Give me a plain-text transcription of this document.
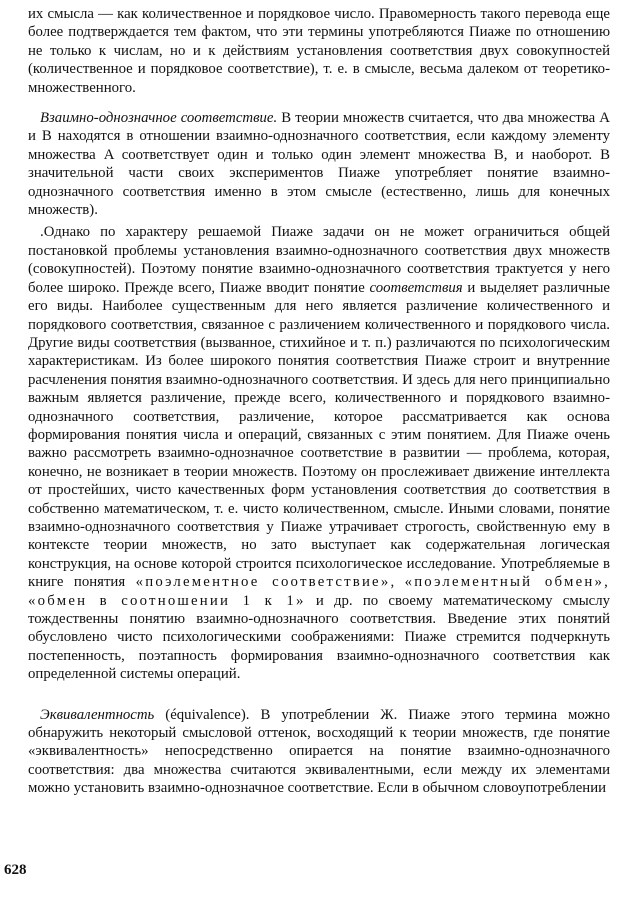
их смысла — как количественное и порядковое число. Правомерность такого перевода еще более подтверждается тем фактом, что эти термины употребляются Пиаже по отношению не только к числам, но и к действиям установления соответствия двух совокупностей (количественное и порядковое соответствие), т. е. в смысле, весьма далеком от теоретико-множественного.

Взаимно-однозначное соответствие. В теории множеств считается, что два множества A и B находятся в отношении взаимно-однозначного соответствия, если каждому элементу множества A соответствует один и только один элемент множества B, и наоборот. В значительной части своих экспериментов Пиаже употребляет понятие взаимно-однозначного соответствия именно в этом смысле (естественно, лишь для конечных множеств).

.Однако по характеру решаемой Пиаже задачи он не может ограничиться общей постановкой проблемы установления взаимно-однозначного соответствия двух множеств (совокупностей). Поэтому понятие взаимно-однозначного соответствия трактуется у него более широко. Прежде всего, Пиаже вводит понятие соответствия и выделяет различные его виды. Наиболее существенным для него является различение количественного и порядкового соответствия, связанное с различением количественного и порядкового числа. Другие виды соответствия (вызванное, стихийное и т. п.) различаются по психологическим характеристикам. Из более широкого понятия соответствия Пиаже строит и внутренние расчленения понятия взаимно-однозначного соответствия. И здесь для него принципиально важным является различение, прежде всего, количественного и порядкового взаимно-однозначного соответствия, различение, которое рассматривается как основа формирования понятия числа и операций, связанных с этим понятием. Для Пиаже очень важно рассмотреть взаимно-однозначное соответствие в развитии — проблема, которая, конечно, не возникает в теории множеств. Поэтому он прослеживает движение интеллекта от простейших, чисто качественных форм установления соответствия до соответствия в собственно математическом, т. е. чисто количественном, смысле. Иными словами, понятие взаимно-однозначного соответствия у Пиаже утрачивает строгость, свойственную ему в контексте теории множеств, но зато выступает как содержательная логическая конструкция, на основе которой строится психологическое исследование. Употребляемые в книге понятия «поэлементное соответствие», «поэлементный обмен», «обмен в соотношении 1 к 1» и др. по своему математическому смыслу тождественны понятию взаимно-однозначного соответствия. Введение этих понятий обусловлено чисто психологическими соображениями: Пиаже стремится подчеркнуть постепенность, поэтапность формирования взаимно-однозначного соответствия как определенной системы операций.

Эквивалентность (équivalence). В употреблении Ж. Пиаже этого термина можно обнаружить некоторый смысловой оттенок, восходящий к теории множеств, где понятие «эквивалентность» непосредственно опирается на понятие взаимно-однозначного соответствия: два множества считаются эквивалентными, если между их элементами можно установить взаимно-однозначное соответствие. Если в обычном словоупотреблении

628
